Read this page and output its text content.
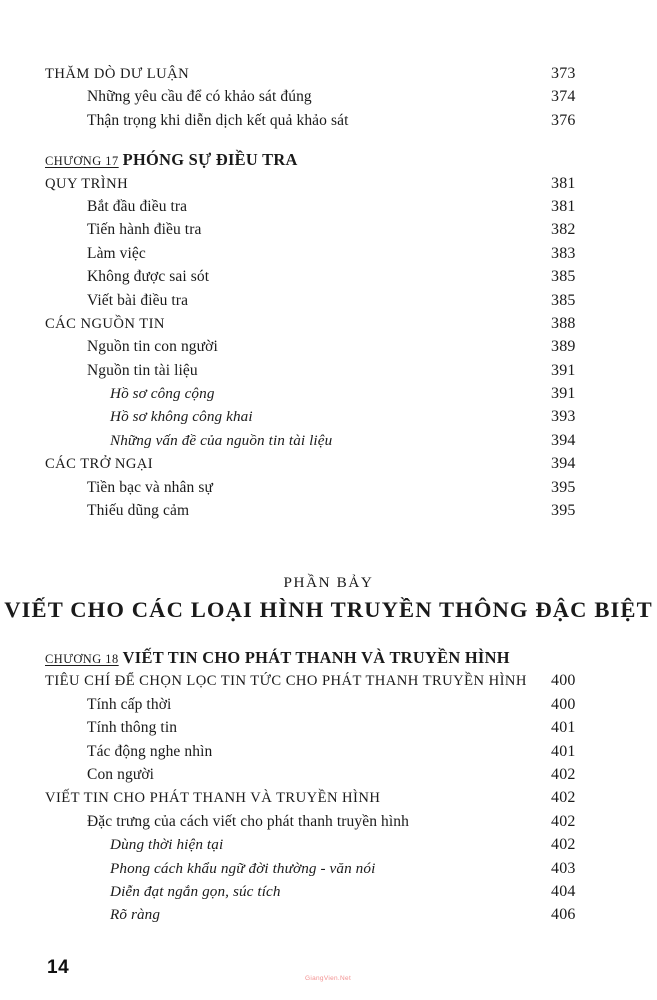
THĂM DÒ DƯ LUẬN	373
Những yêu cầu để có khảo sát đúng	374
Thận trọng khi diễn dịch kết quả khảo sát	376
CHƯƠNG 17 PHÓNG SỰ ĐIỀU TRA
QUY TRÌNH	381
Bắt đầu điều tra	381
Tiến hành điều tra	382
Làm việc	383
Không được sai sót	385
Viết bài điều tra	385
CÁC NGUỒN TIN	388
Nguồn tin con người	389
Nguồn tin tài liệu	391
Hồ sơ công cộng	391
Hồ sơ không công khai	393
Những vấn đề của nguồn tin tài liệu	394
CÁC TRỞ NGẠI	394
Tiền bạc và nhân sự	395
Thiếu dũng cảm	395
PHẦN BẢY
VIẾT CHO CÁC LOẠI HÌNH TRUYỀN THÔNG ĐẬC BIỆT
CHƯƠNG 18 VIẾT TIN CHO PHÁT THANH VÀ TRUYỀN HÌNH
TIÊU CHÍ ĐỂ CHỌN LỌC TIN TỨC CHO PHÁT THANH TRUYỀN HÌNH 400
Tính cấp thời	400
Tính thông tin	401
Tác động nghe nhìn	401
Con người	402
VIẾT TIN CHO PHÁT THANH VÀ TRUYỀN HÌNH	402
Đặc trưng của cách viết cho phát thanh truyền hình	402
Dùng thời hiện tại	402
Phong cách khẩu ngữ đời thường - văn nói	403
Diễn đạt ngắn gọn, súc tích	404
Rõ ràng	406
14
GiangVien.Net
